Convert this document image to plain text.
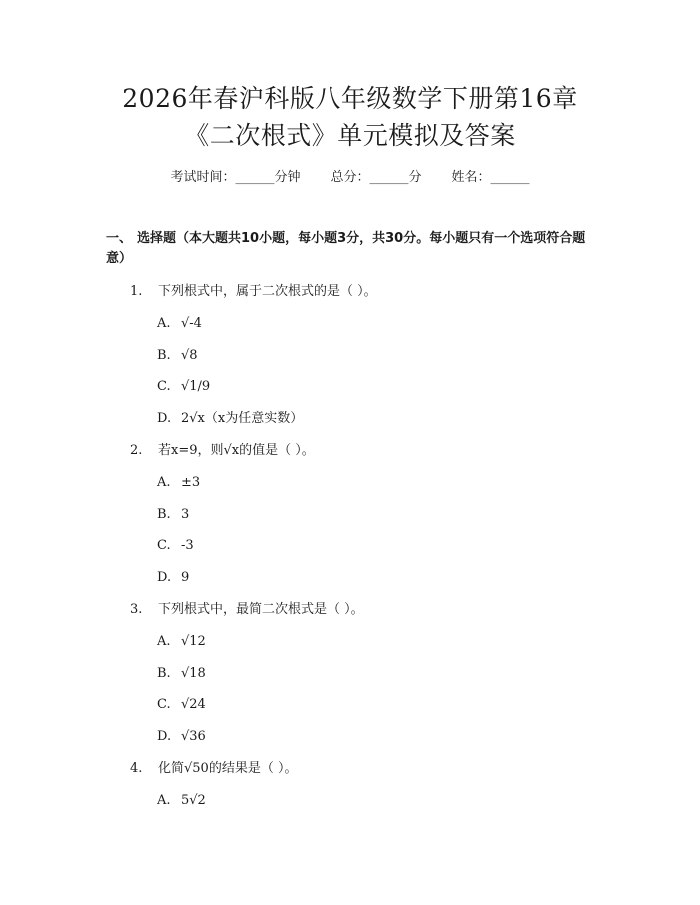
2026年春沪科版八年级数学下册第16章
《二次根式》单元模拟及答案
考试时间：______分钟 总分：______分 姓名：______
一、 选择题（本大题共10小题，每小题3分，共30分。每小题只有一个选项符合题意）
1. 下列根式中，属于二次根式的是（ ）。
A. √-4
B. √8
C. √1/9
D. 2√x（x为任意实数）
2. 若x=9，则√x的值是（ ）。
A. ±3
B. 3
C. -3
D. 9
3. 下列根式中，最简二次根式是（ ）。
A. √12
B. √18
C. √24
D. √36
4. 化简√50的结果是（ ）。
A. 5√2
